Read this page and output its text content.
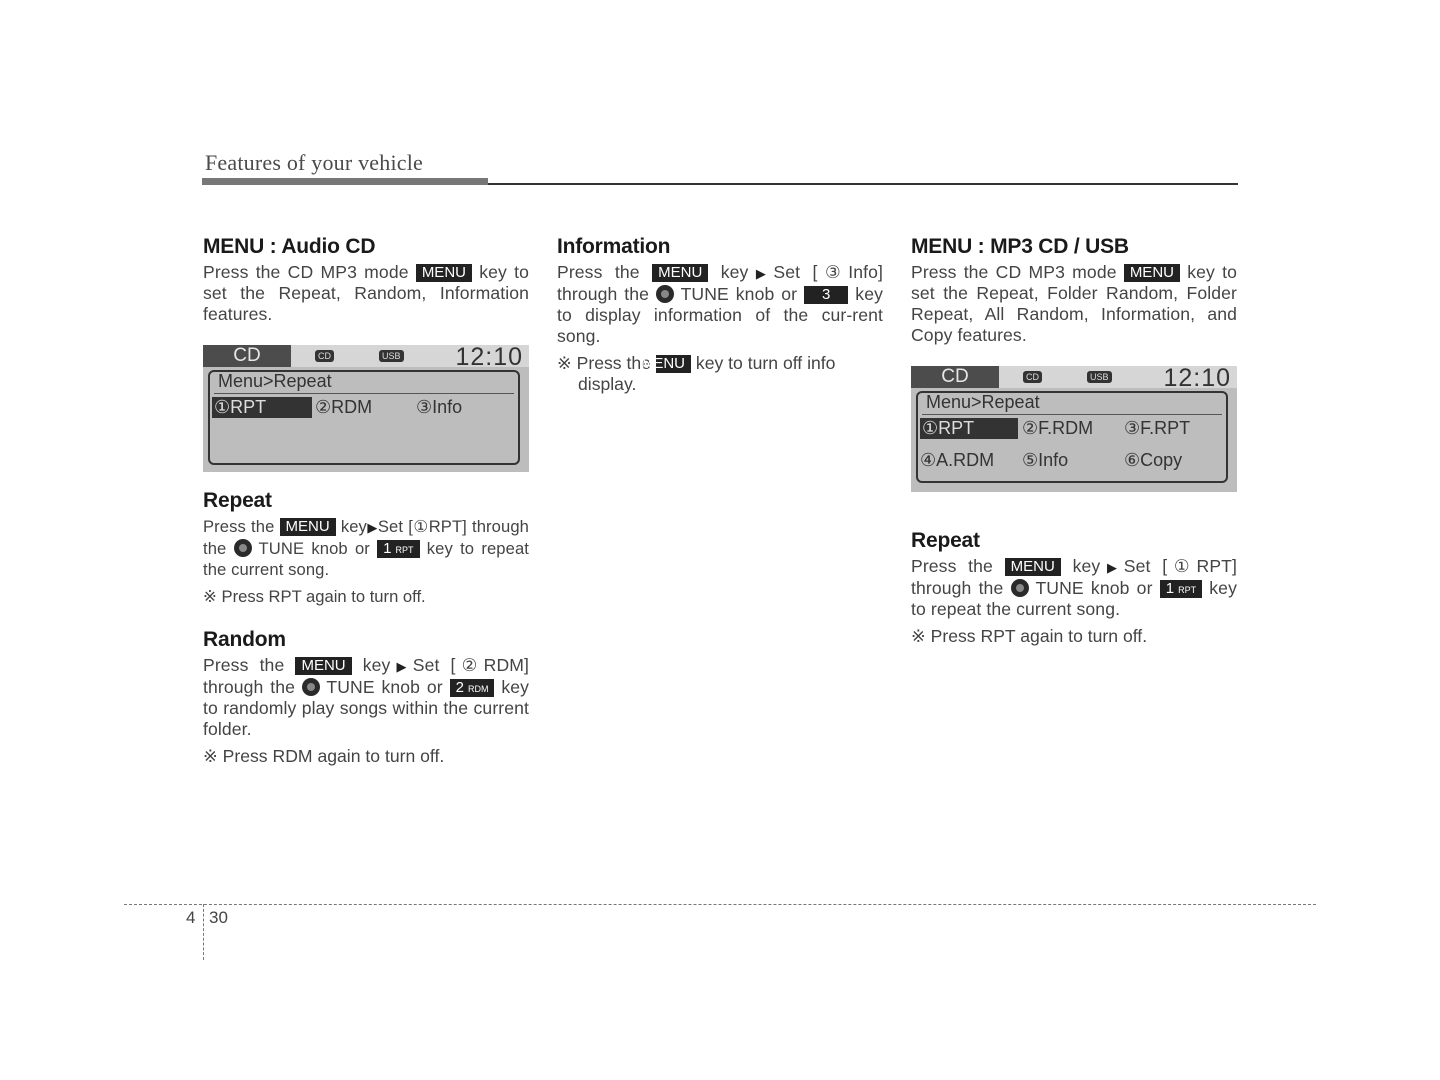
Features of your vehicle
MENU : Audio CD

Press the CD MP3 mode MENU key to set the Repeat, Random, Information features.

CD	CD	USB 12:10
Menu>Repeat
①RPT	②RDM ③Info
Repeat

Press the MENU key▶Set [①RPT] through the TUNE knob or 1 RPT key to repeat the current song.

※ Press RPT again to turn off.

Random

Press the MENU key▶Set [②RDM] through the TUNE knob or 2 RDM key to randomly play songs within the current folder.

※ Press RDM again to turn off.

Information

Press the MENU key▶Set [③Info] through the TUNE knob or 3 key to display information of the cur-rent song.

※ Press the MENU key to turn off info display.

MENU : MP3 CD / USB

Press the CD MP3 mode MENU key to set the Repeat, Folder Random, Folder Repeat, All Random, Information, and Copy features.

CD	CD	USB 12:10
Menu>Repeat
①RPT	②F.RDM ③F.RPT
④A.RDM ⑤Info	⑥Copy
Repeat

Press the MENU key▶Set [①RPT] through the TUNE knob or 1 RPT key to repeat the current song.

※ Press RPT again to turn off.

4 30
